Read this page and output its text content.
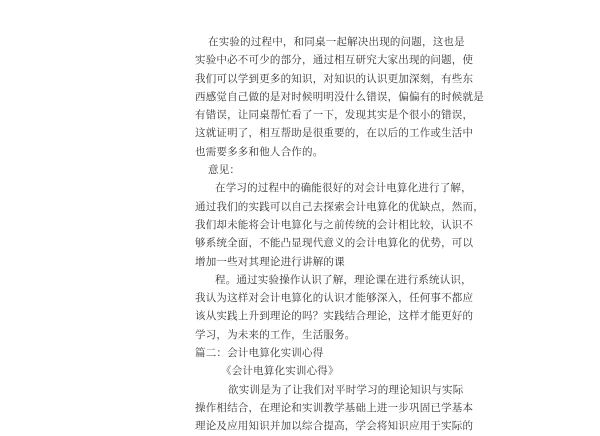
在实验的过程中，和同桌一起解决出现的问题，这也是
实验中必不可少的部分，通过相互研究大家出现的问题，使
我们可以学到更多的知识，对知识的认识更加深刻，有些东
西感觉自己做的是对时候明明没什么错误，偏偏有的时候就是
有错误，让同桌帮忙看了一下，发现其实是个很小的错误，
这就证明了，相互帮助是很重要的，在以后的工作或生活中
也需要多多和他人合作的。
意见：
在学习的过程中的确能很好的对会计电算化进行了解，
通过我们的实践可以自己去探索会计电算化的优缺点，然而，
我们却未能将会计电算化与之前传统的会计相比较，认识不
够系统全面，不能凸显现代意义的会计电算化的优势，可以
增加一些对其理论进行讲解的课
程。通过实验操作认识了解，理论课在进行系统认识，
我认为这样对会计电算化的认识才能够深入，任何事不都应
该从实践上升到理论的吗？实践结合理论，这样才能更好的
学习，为未来的工作，生活服务。
篇二：会计电算化实训心得
《会计电算化实训心得》
欲实训是为了让我们对平时学习的理论知识与实际
操作相结合，在理论和实训教学基础上进一步巩固已学基本
理论及应用知识并加以综合提高，学会将知识应用于实际的
